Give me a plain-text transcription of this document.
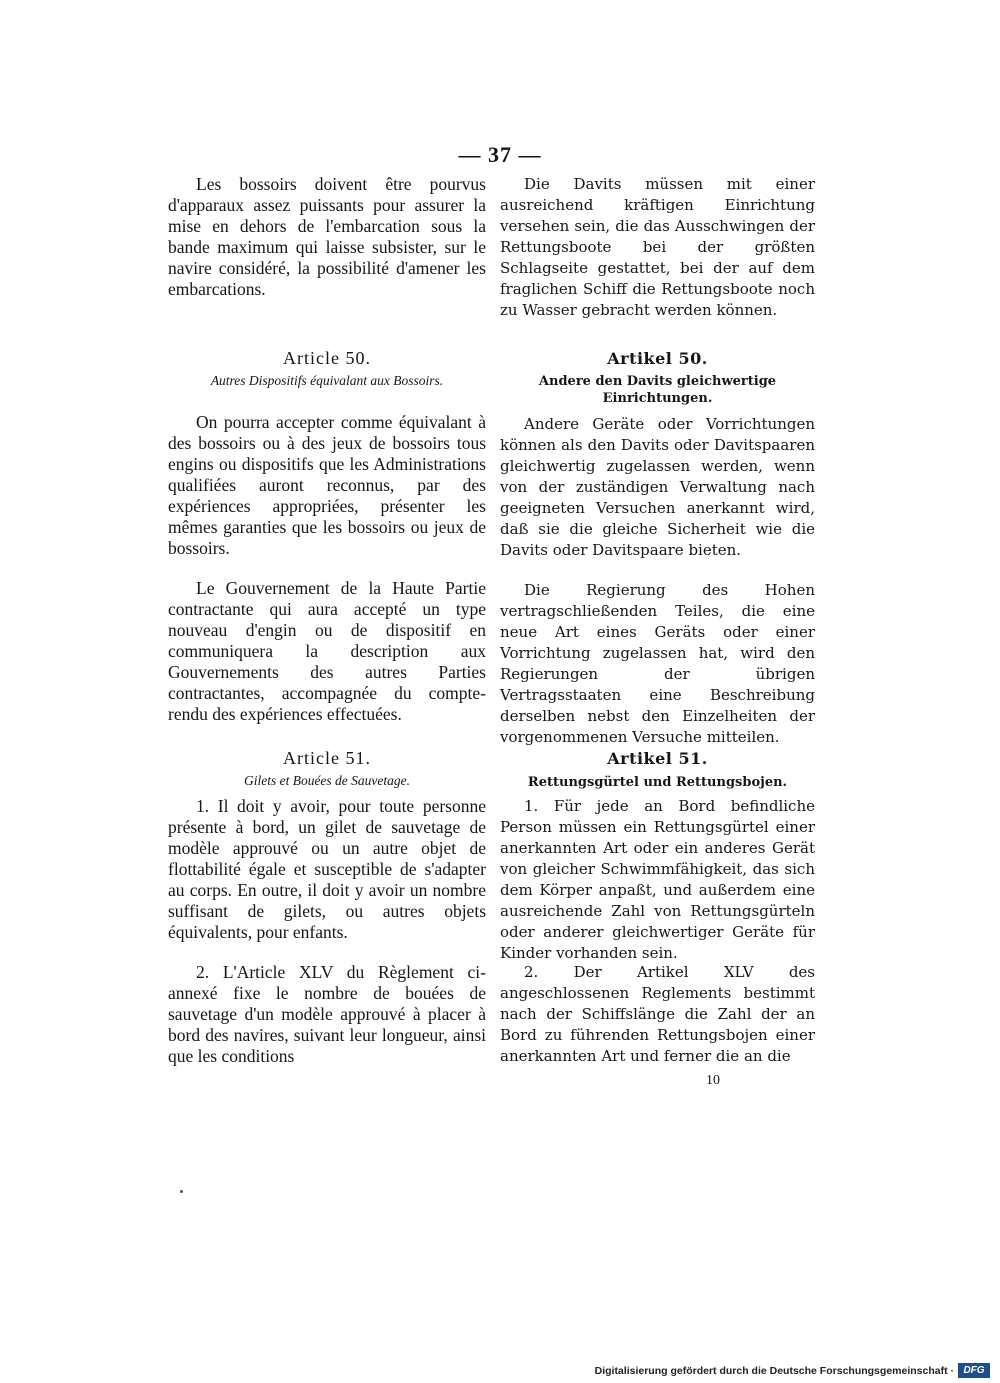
— 37 —

Les bossoirs doivent être pourvus d'apparaux assez puissants pour assurer la mise en dehors de l'embarcation sous la bande maximum qui laisse subsister, sur le navire considéré, la possibilité d'amener les embarcations.

Article 50.

Autres Dispositifs équivalant aux Bossoirs.

On pourra accepter comme équivalant à des bossoirs ou à des jeux de bossoirs tous engins ou dispositifs que les Administrations qualifiées auront reconnus, par des expériences appropriées, présenter les mêmes garanties que les bossoirs ou jeux de bossoirs.

Le Gouvernement de la Haute Partie contractante qui aura accepté un type nouveau d'engin ou de dispositif en communiquera la description aux Gouvernements des autres Parties contractantes, accompagnée du compte-rendu des expériences effectuées.

Article 51.

Gilets et Bouées de Sauvetage.

1. Il doit y avoir, pour toute personne présente à bord, un gilet de sauvetage de modèle approuvé ou un autre objet de flottabilité égale et susceptible de s'adapter au corps. En outre, il doit y avoir un nombre suffisant de gilets, ou autres objets équivalents, pour enfants.

2. L'Article XLV du Règlement ci-annexé fixe le nombre de bouées de sauvetage d'un modèle approuvé à placer à bord des navires, suivant leur longueur, ainsi que les conditions

Die Davits müssen mit einer ausreichend kräftigen Einrichtung versehen sein, die das Ausschwingen der Rettungsboote bei der größten Schlagseite gestattet, bei der auf dem fraglichen Schiff die Rettungsboote noch zu Wasser gebracht werden können.

Artikel 50.

Andere den Davits gleichwertige Einrichtungen.

Andere Geräte oder Vorrichtungen können als den Davits oder Davitspaaren gleichwertig zugelassen werden, wenn von der zuständigen Verwaltung nach geeigneten Versuchen anerkannt wird, daß sie die gleiche Sicherheit wie die Davits oder Davitspaare bieten.

Die Regierung des Hohen vertragschließenden Teiles, die eine neue Art eines Geräts oder einer Vorrichtung zugelassen hat, wird den Regierungen der übrigen Vertragsstaaten eine Beschreibung derselben nebst den Einzelheiten der vorgenommenen Versuche mitteilen.

Artikel 51.

Rettungsgürtel und Rettungsbojen.

1. Für jede an Bord befindliche Person müssen ein Rettungsgürtel einer anerkannten Art oder ein anderes Gerät von gleicher Schwimmfähigkeit, das sich dem Körper anpaßt, und außerdem eine ausreichende Zahl von Rettungsgürteln oder anderer gleichwertiger Geräte für Kinder vorhanden sein.

2. Der Artikel XLV des angeschlossenen Reglements bestimmt nach der Schiffslänge die Zahl der an Bord zu führenden Rettungsbojen einer anerkannten Art und ferner die an die

10
Digitalisierung gefördert durch die Deutsche Forschungsgemeinschaft · DFG
